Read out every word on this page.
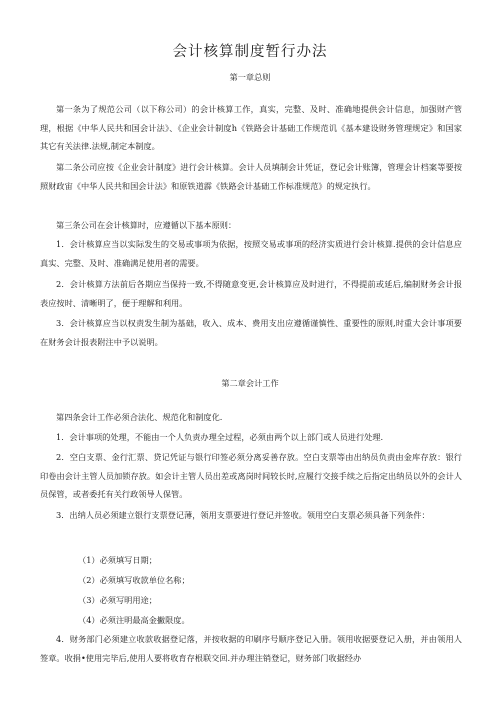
会计核算制度暂行办法
第一章总则
第一条为了规范公司（以下称公司）的会计核算工作，真实，完整、及时、准确地提供会计信息，加强财产管理，根据《中华人民共和国会计法》、《企业会计制度h《铁路会计基础工作规范讥《基本建设财务管理规定》和国家其它有关法律.法规,制定本制度。
第二条公司应按《企业会计制度》进行会计核算。会计人员填制会计凭证，登记会计账簿，管理会计档案等要按照财政宙《中华人民共和国会计法》和原铁道霹《铁路会计基础工作标准规范》的规定执行。
第三条公司在会计核算时，应遵循以下基本原则：
1．会计核算应当以实际发生的交易或事项为依据，按照交易或事项的经济实质进行会计核算.提供的会计信息应真实、完整、及时、准确满足使用者的需要。
2．会计核算方法前后各期应当保持一致,不得随意变更,会计核算应及时进行，不得提前或延后,编制财务会计报表应按时、清晰明了，便于理解和利用。
3．会计核算应当以权责发生制为基础，收入、成本、费用支出应遵循谨慎性、重要性的原则,时重大会计事项要在财务会计报表附注中予以说明。
第二章会计工作
第四条会计工作必须合法化、规范化和制度化.
1．会计事项的处理，不能由一个人负责办理全过程，必须由两个以上部门或人员进行处理.
2．空白支票、金行汇票、贷记凭证与银行印签必须分离妥善存放。空白支票等由出纳员负责由金库存放：银行印卷由会计主管人员加锁存放。如会计主管人员出差或离岗时间较长时,应履行交接手续之后指定出纳员以外的会计人员保管，或者委托有关行政领导人保管。
3．出纳人员必须建立银行支票登记薄，领用支票要进行登记并签收。领用空白支票必须具备下列条件：
（1）必须填写日期；
（2）必须填写收款单位名称；
（3）必须写明用途；
（4）必须注明最高金撇限度。
4．财务部门必须建立收款收据登记落，并按收据的印刷序号顺序登记入册。领用收据要登记入册，并由领用人签章。收捐•使用完毕后,使用人要将收育存根联交回.并办理注销登记，财务部门收据经办
